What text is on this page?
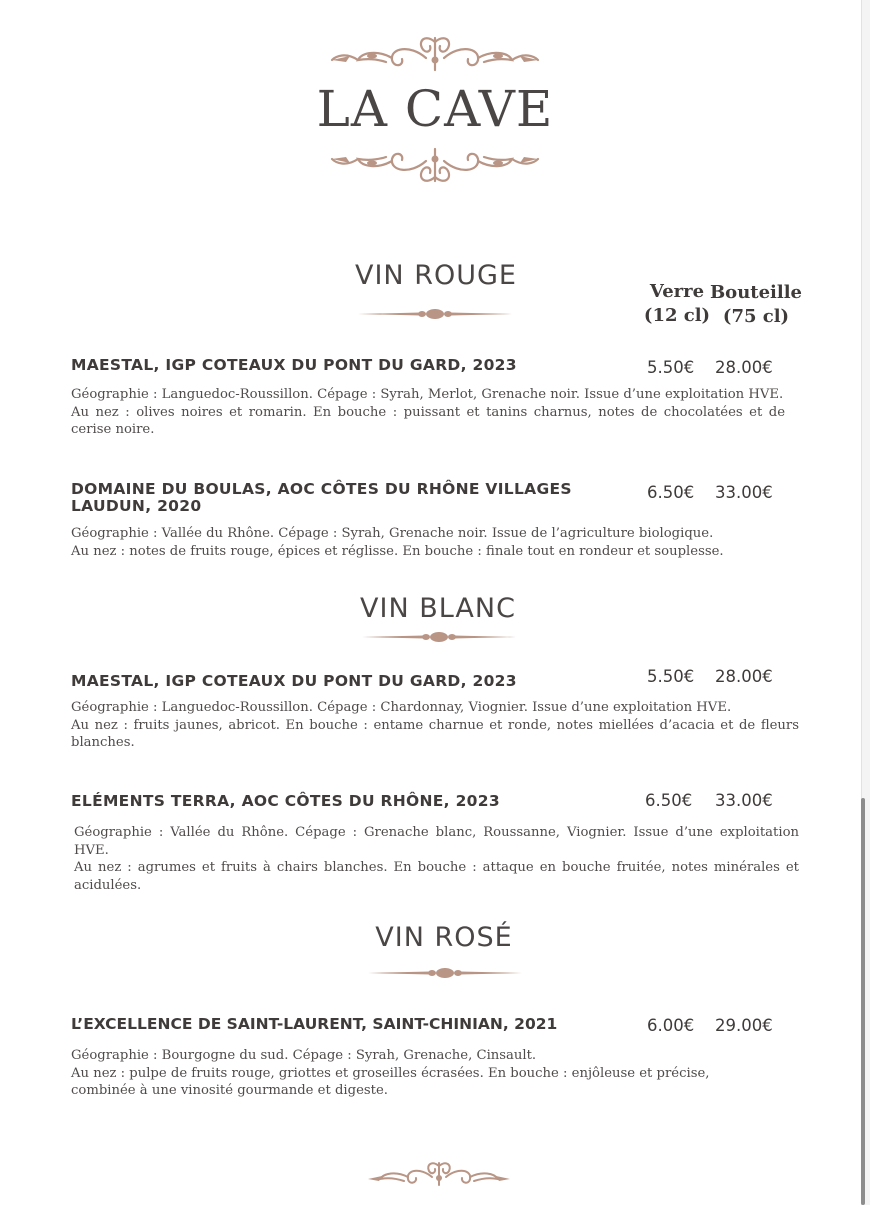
LA CAVE
Verre
(12 cl)
Bouteille
(75 cl)
VIN ROUGE
MAESTAL, IGP COTEAUX DU PONT DU GARD, 2023	5.50€ 28.00€

Géographie : Languedoc-Roussillon. Cépage : Syrah, Merlot, Grenache noir. Issue d’une exploitation HVE.

Au nez : olives noires et romarin. En bouche : puissant et tanins charnus, notes de chocolatées et de cerise noire.

DOMAINE DU BOULAS, AOC CÔTES DU RHÔNE VILLAGES LAUDUN, 2020
6.50€ 33.00€

Géographie : Vallée du Rhône. Cépage : Syrah, Grenache noir. Issue de l’agriculture biologique.

Au nez : notes de fruits rouge, épices et réglisse. En bouche : finale tout en rondeur et souplesse.

VIN BLANC
MAESTAL, IGP COTEAUX DU PONT DU GARD, 2023	5.50€ 28.00€

Géographie : Languedoc-Roussillon. Cépage : Chardonnay, Viognier. Issue d’une exploitation HVE.

Au nez : fruits jaunes, abricot. En bouche : entame charnue et ronde, notes miellées d’acacia et de fleurs blanches.

ELÉMENTS TERRA, AOC CÔTES DU RHÔNE, 2023	6.50€ 33.00€

Géographie : Vallée du Rhône. Cépage : Grenache blanc, Roussanne, Viognier. Issue d’une exploitation HVE.

Au nez : agrumes et fruits à chairs blanches. En bouche : attaque en bouche fruitée, notes minérales et acidulées.

VIN ROSÉ
L’EXCELLENCE DE SAINT-LAURENT, SAINT-CHINIAN, 2021	6.00€ 29.00€

Géographie : Bourgogne du sud. Cépage : Syrah, Grenache, Cinsault.

Au nez : pulpe de fruits rouge, griottes et groseilles écrasées. En bouche : enjôleuse et précise, combinée à une vinosité gourmande et digeste.
